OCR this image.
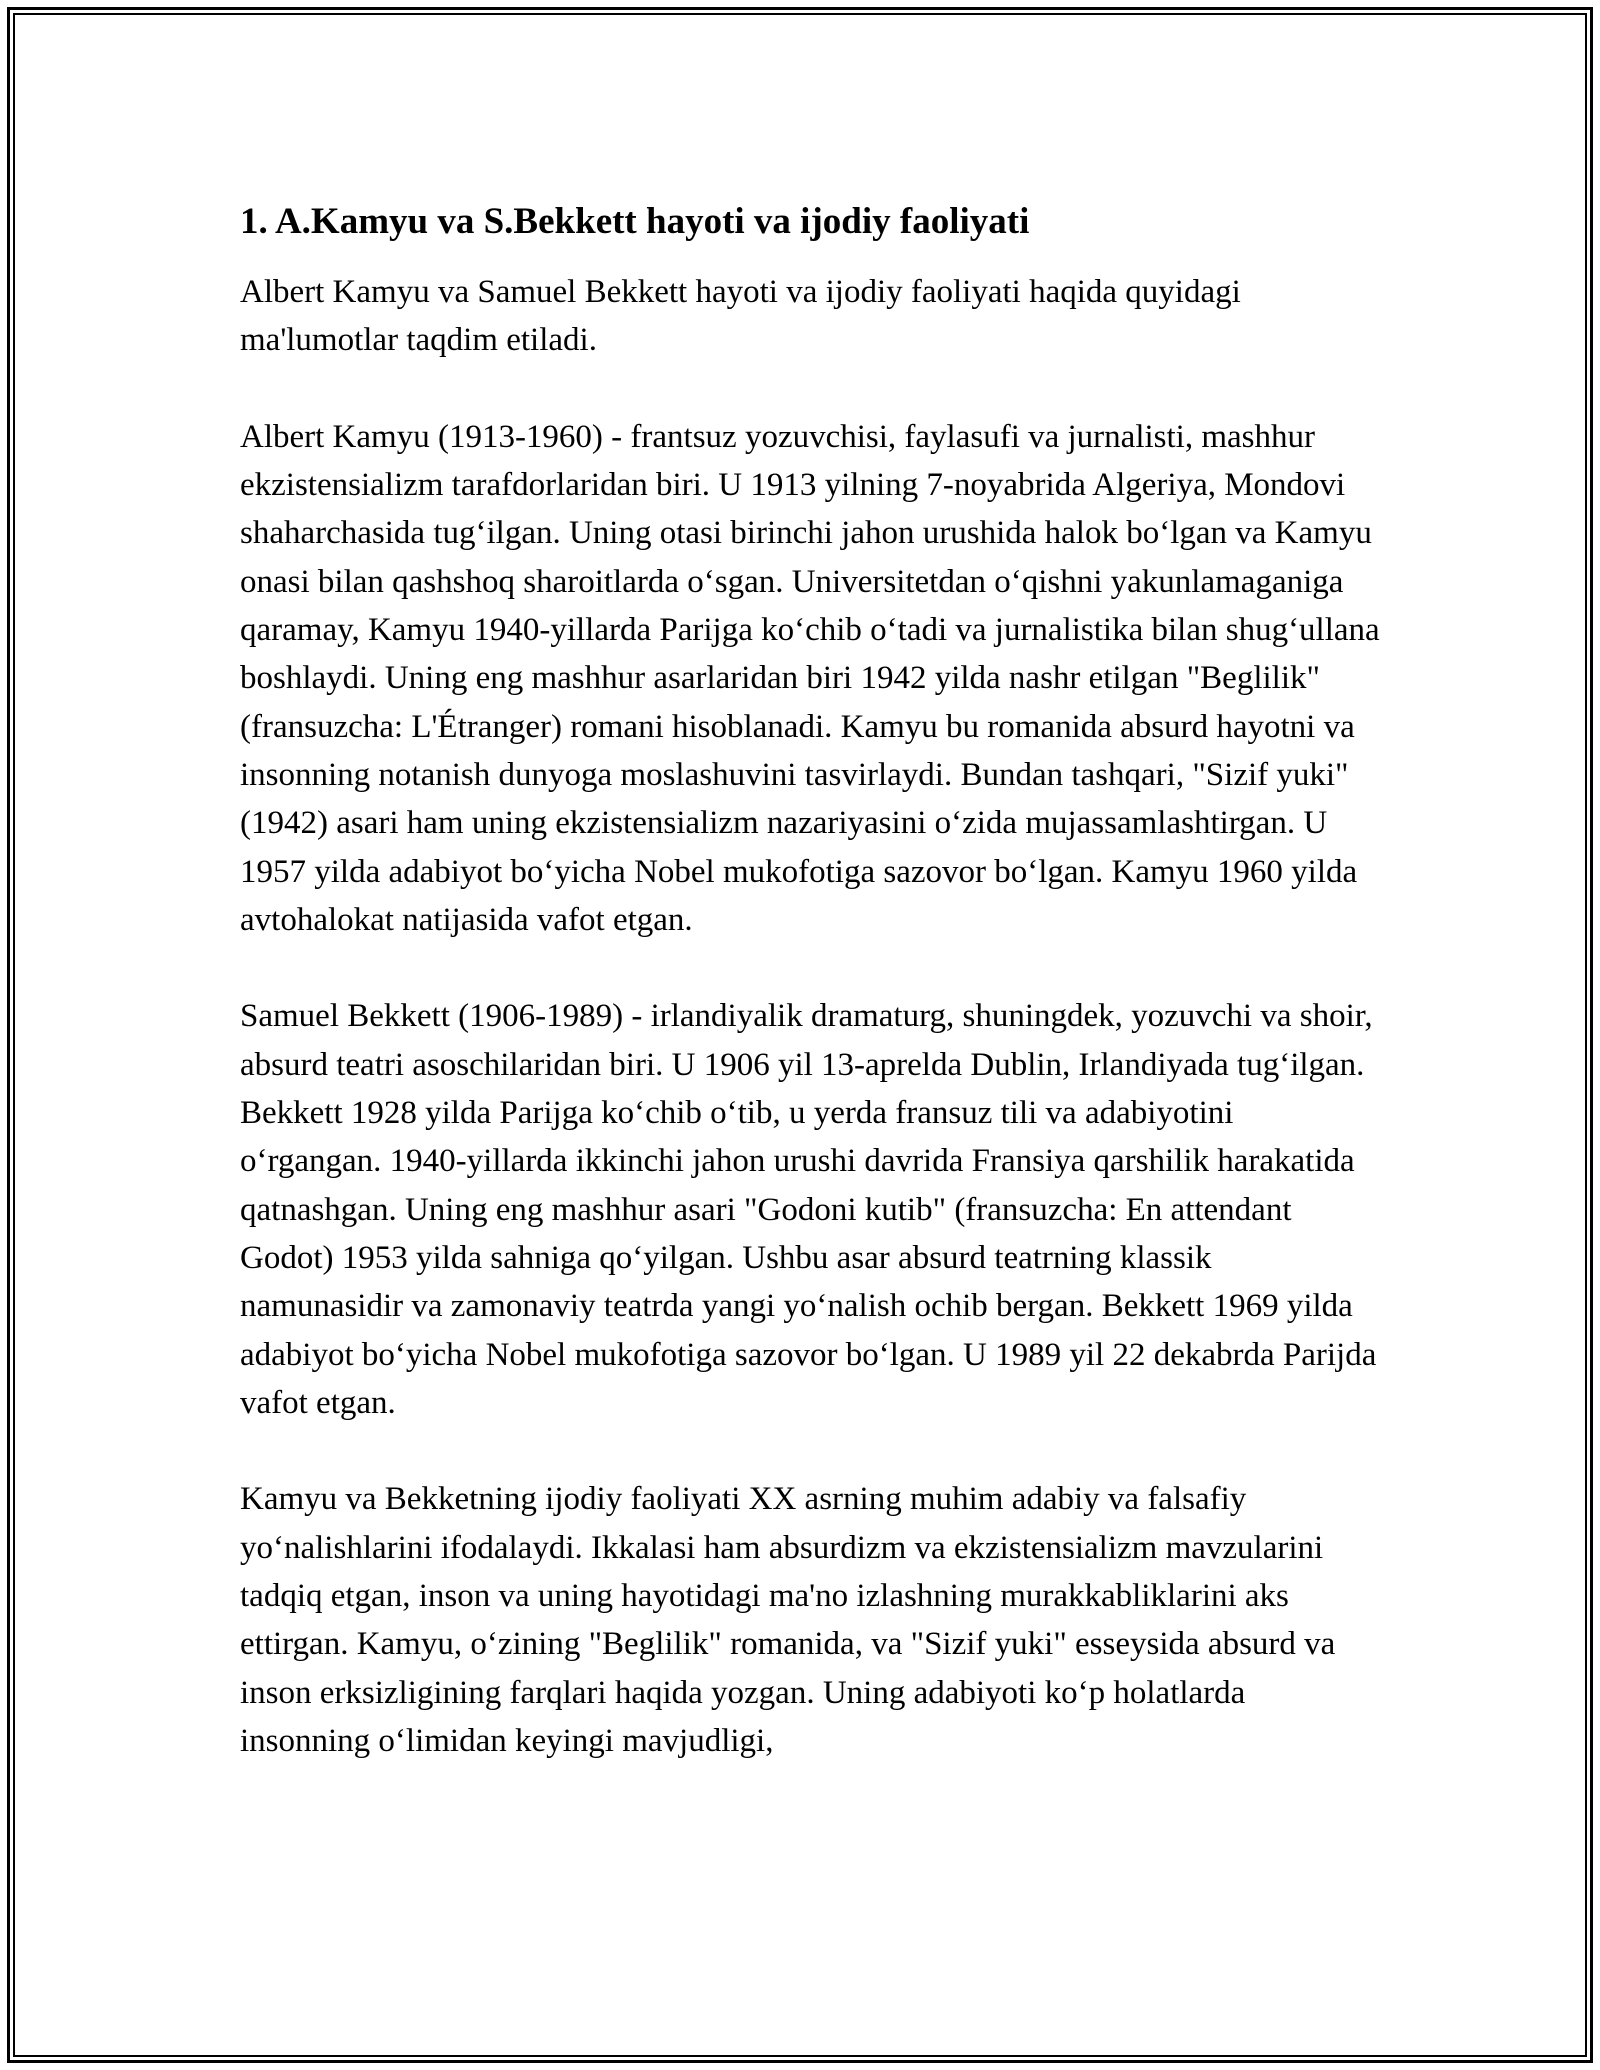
1. A.Kamyu va S.Bekkett hayoti va ijodiy faoliyati

Albert Kamyu va Samuel Bekkett hayoti va ijodiy faoliyati haqida quyidagi ma'lumotlar taqdim etiladi.

Albert Kamyu (1913-1960) - frantsuz yozuvchisi, faylasufi va jurnalisti, mashhur ekzistensializm tarafdorlaridan biri. U 1913 yilning 7-noyabrida Algeriya, Mondovi shaharchasida tug‘ilgan. Uning otasi birinchi jahon urushida halok bo‘lgan va Kamyu onasi bilan qashshoq sharoitlarda o‘sgan. Universitetdan o‘qishni yakunlamaganiga qaramay, Kamyu 1940-yillarda Parijga ko‘chib o‘tadi va jurnalistika bilan shug‘ullana boshlaydi. Uning eng mashhur asarlaridan biri 1942 yilda nashr etilgan "Beglilik" (fransuzcha: L'Étranger) romani hisoblanadi. Kamyu bu romanida absurd hayotni va insonning notanish dunyoga moslashuvini tasvirlaydi. Bundan tashqari, "Sizif yuki" (1942) asari ham uning ekzistensializm nazariyasini o‘zida mujassamlashtirgan. U 1957 yilda adabiyot bo‘yicha Nobel mukofotiga sazovor bo‘lgan. Kamyu 1960 yilda avtohalokat natijasida vafot etgan.

Samuel Bekkett (1906-1989) - irlandiyalik dramaturg, shuningdek, yozuvchi va shoir, absurd teatri asoschilaridan biri. U 1906 yil 13-aprelda Dublin, Irlandiyada tug‘ilgan. Bekkett 1928 yilda Parijga ko‘chib o‘tib, u yerda fransuz tili va adabiyotini o‘rgangan. 1940-yillarda ikkinchi jahon urushi davrida Fransiya qarshilik harakatida qatnashgan. Uning eng mashhur asari "Godoni kutib" (fransuzcha: En attendant Godot) 1953 yilda sahniga qo‘yilgan. Ushbu asar absurd teatrning klassik namunasidir va zamonaviy teatrda yangi yo‘nalish ochib bergan. Bekkett 1969 yilda adabiyot bo‘yicha Nobel mukofotiga sazovor bo‘lgan. U 1989 yil 22 dekabrda Parijda vafot etgan.

Kamyu va Bekketning ijodiy faoliyati XX asrning muhim adabiy va falsafiy yo‘nalishlarini ifodalaydi. Ikkalasi ham absurdizm va ekzistensializm mavzularini tadqiq etgan, inson va uning hayotidagi ma'no izlashning murakkabliklarini aks ettirgan. Kamyu, o‘zining "Beglilik" romanida, va "Sizif yuki" esseysida absurd va inson erksizligining farqlari haqida yozgan. Uning adabiyoti ko‘p holatlarda insonning o‘limidan keyingi mavjudligi,
